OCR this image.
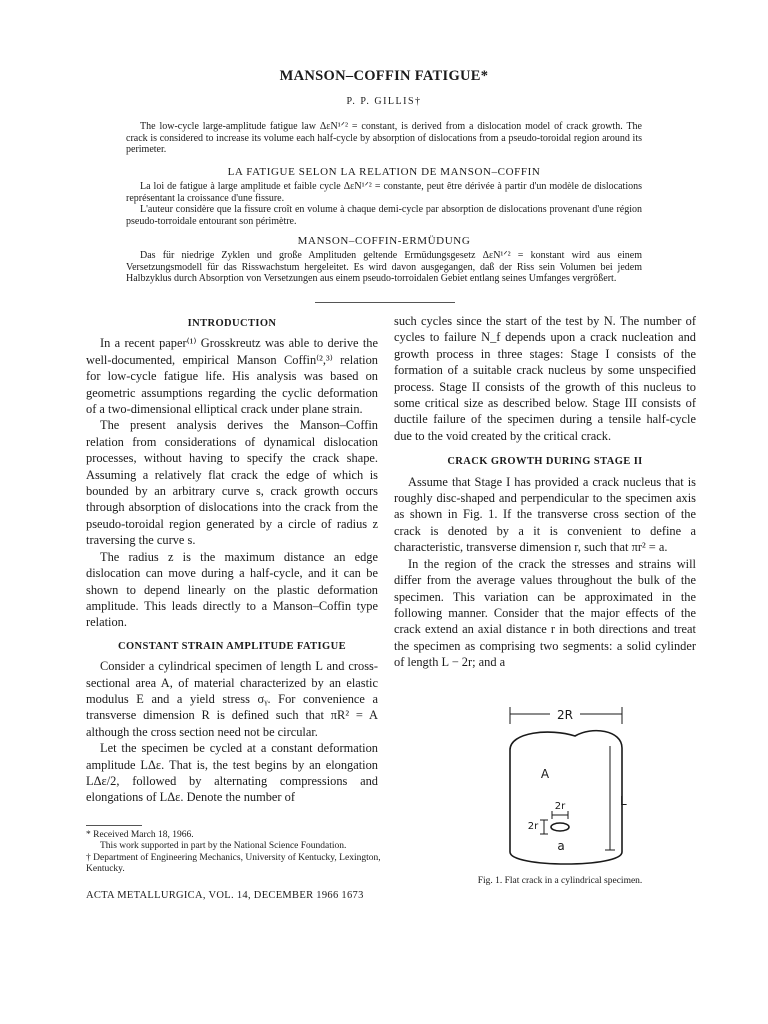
MANSON–COFFIN FATIGUE*
P. P. GILLIS†
The low-cycle large-amplitude fatigue law ΔεN¹ᐟ² = constant, is derived from a dislocation model of crack growth. The crack is considered to increase its volume each half-cycle by absorption of dislocations from a pseudo-toroidal region around its perimeter.
LA FATIGUE SELON LA RELATION DE MANSON–COFFIN
La loi de fatigue à large amplitude et faible cycle ΔεN¹ᐟ² = constante, peut être dérivée à partir d'un modèle de dislocations représentant la croissance d'une fissure.
L'auteur considère que la fissure croît en volume à chaque demi-cycle par absorption de dislocations provenant d'une région pseudo-torroidale entourant son périmètre.
MANSON–COFFIN-ERMÜDUNG
Das für niedrige Zyklen und große Amplituden geltende Ermüdungsgesetz ΔεN¹ᐟ² = konstant wird aus einem Versetzungsmodell für das Risswachstum hergeleitet. Es wird davon ausgegangen, daß der Riss sein Volumen bei jedem Halbzyklus durch Absorption von Versetzungen aus einem pseudo-torroidalen Gebiet entlang seines Umfanges vergrößert.
INTRODUCTION

In a recent paper⁽¹⁾ Grosskreutz was able to derive the well-documented, empirical Manson Coffin⁽²,³⁾ relation for low-cycle fatigue life. His analysis was based on geometric assumptions regarding the cyclic deformation of a two-dimensional elliptical crack under plane strain.

The present analysis derives the Manson–Coffin relation from considerations of dynamical dislocation processes, without having to specify the crack shape. Assuming a relatively flat crack the edge of which is bounded by an arbitrary curve s, crack growth occurs through absorption of dislocations into the crack from the pseudo-toroidal region generated by a circle of radius z traversing the curve s.

The radius z is the maximum distance an edge dislocation can move during a half-cycle, and it can be shown to depend linearly on the plastic deformation amplitude. This leads directly to a Manson–Coffin type relation.

CONSTANT STRAIN AMPLITUDE FATIGUE

Consider a cylindrical specimen of length L and cross-sectional area A, of material characterized by an elastic modulus E and a yield stress σᵧ. For convenience a transverse dimension R is defined such that πR² = A although the cross section need not be circular.

Let the specimen be cycled at a constant deformation amplitude LΔε. That is, the test begins by an elongation LΔε/2, followed by alternating compressions and elongations of LΔε. Denote the number of

such cycles since the start of the test by N. The number of cycles to failure N_f depends upon a crack nucleation and growth process in three stages: Stage I consists of the formation of a suitable crack nucleus by some unspecified process. Stage II consists of the growth of this nucleus to some critical size as described below. Stage III consists of ductile failure of the specimen during a tensile half-cycle due to the void created by the critical crack.

CRACK GROWTH DURING STAGE II

Assume that Stage I has provided a crack nucleus that is roughly disc-shaped and perpendicular to the specimen axis as shown in Fig. 1. If the transverse cross section of the crack is denoted by a it is convenient to define a characteristic, transverse dimension r, such that πr² = a.

In the region of the crack the stresses and strains will differ from the average values throughout the bulk of the specimen. This variation can be approximated in the following manner. Consider that the major effects of the crack extend an axial distance r in both directions and treat the specimen as comprising two segments: a solid cylinder of length L − 2r; and a

2R
A
2r
2r
a
L
Fig. 1. Flat crack in a cylindrical specimen.

* Received March 18, 1966.

This work supported in part by the National Science Foundation.

† Department of Engineering Mechanics, University of Kentucky, Lexington, Kentucky.

ACTA METALLURGICA, VOL. 14, DECEMBER 1966 1673
